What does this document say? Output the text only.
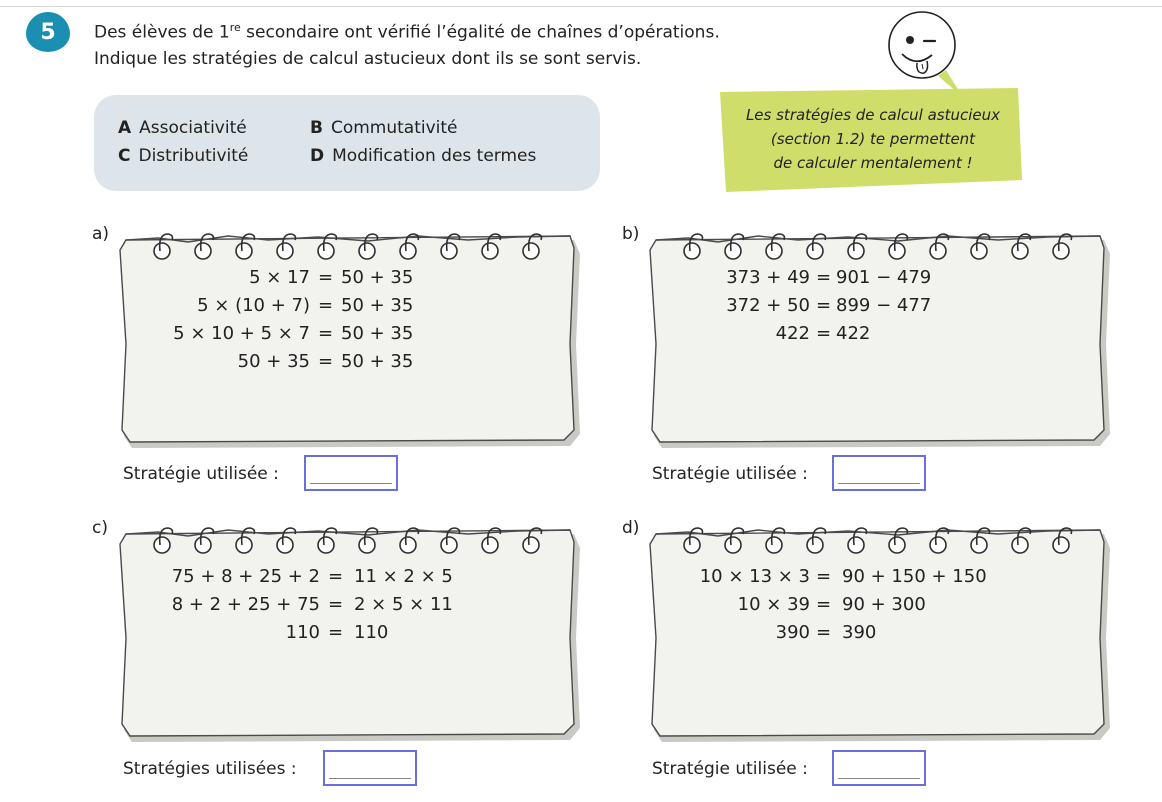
5	Des élèves de 1re secondaire ont vérifié l’égalité de chaînes d’opérations.
Indique les stratégies de calcul astucieux dont ils se sont servis.
A Associativité	B Commutativité
C Distributivité	D Modification des termes
Les stratégies de calcul astucieux
(section 1.2) te permettent
de calculer mentalement !
a)
5 × 17 = 50 + 35
5 × (10 + 7) = 50 + 35
5 × 10 + 5 × 7 = 50 + 35
50 + 35 = 50 + 35
Stratégie utilisée :
b)
373 + 49 = 901 − 479
372 + 50 = 899 − 477
422 = 422
Stratégie utilisée :
c)
75 + 8 + 25 + 2 = 11 × 2 × 5
8 + 2 + 25 + 75 = 2 × 5 × 11
110 = 110
Stratégies utilisées :
d)
10 × 13 × 3 = 90 + 150 + 150
10 × 39 = 90 + 300
390 = 390
Stratégie utilisée :
